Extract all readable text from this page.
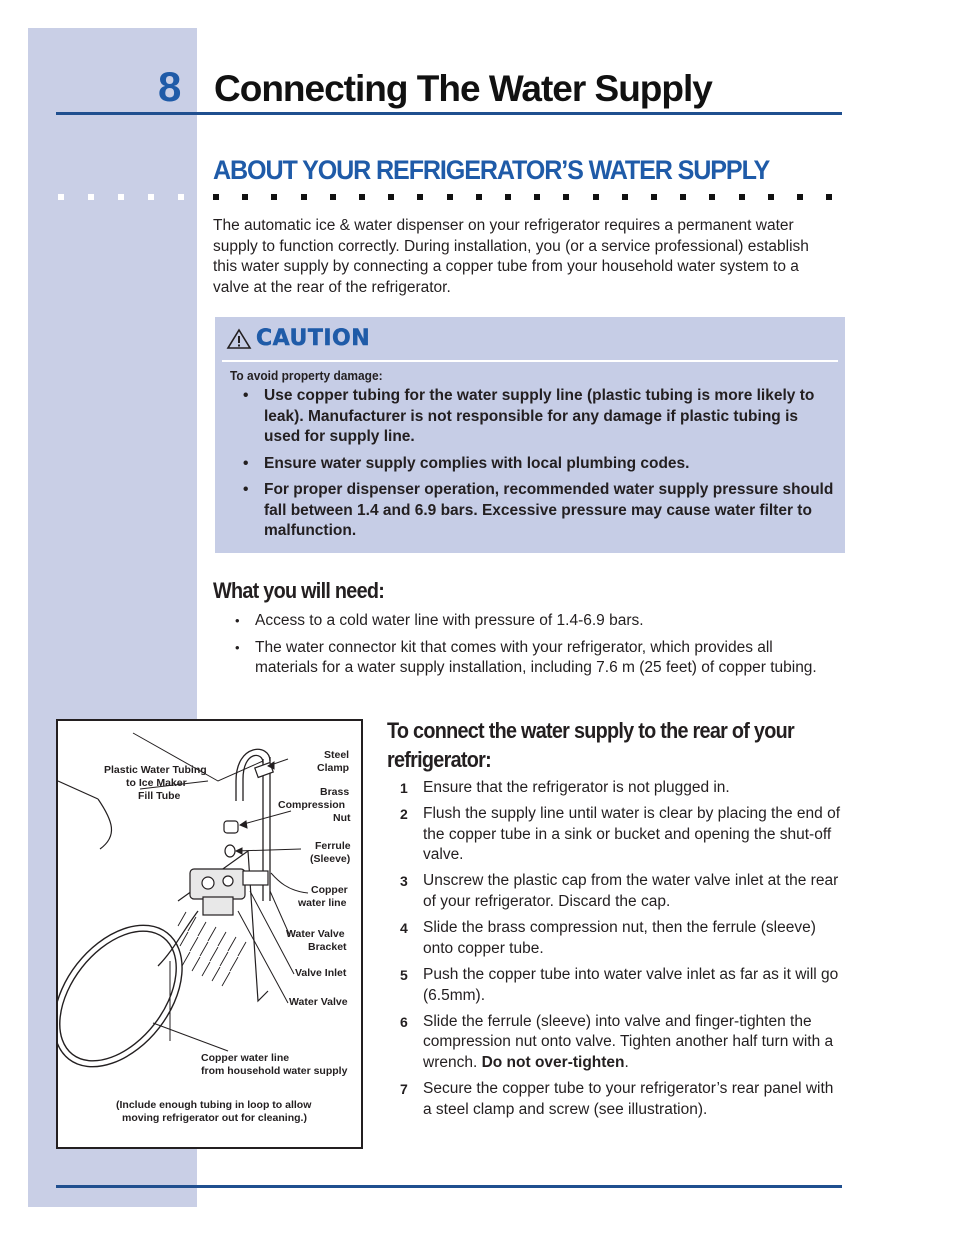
8 Connecting The Water Supply
ABOUT YOUR REFRIGERATOR’S WATER SUPPLY
The automatic ice & water dispenser on your refrigerator requires a permanent water supply to function correctly. During installation, you (or a service professional) establish this water supply by connecting a copper tube from your household water system to a valve at the rear of the refrigerator.
CAUTION
To avoid property damage:
• Use copper tubing for the water supply line (plastic tubing is more likely to leak). Manufacturer is not responsible for any damage if plastic tubing is used for supply line.
• Ensure water supply complies with local plumbing codes.
• For proper dispenser operation, recommended water supply pressure should fall between 1.4 and 6.9 bars. Excessive pressure may cause water filter to malfunction.
What you will need:
• Access to a cold water line with pressure of 1.4-6.9 bars.
• The water connector kit that comes with your refrigerator, which provides all materials for a water supply installation, including 7.6 m (25 feet) of copper tubing.
Plastic Water Tubing
to Ice Maker
Fill Tube
Steel
Clamp
Brass
Compression
Nut
Ferrule
(Sleeve)
Copper
water line
Water Valve
Bracket
Valve Inlet
Water Valve
Copper water line
from household water supply
(Include enough tubing in loop to allow
moving refrigerator out for cleaning.)
To connect the water supply to the rear of your refrigerator:
1 Ensure that the refrigerator is not plugged in.
2 Flush the supply line until water is clear by placing the end of the copper tube in a sink or bucket and opening the shut-off valve.
3 Unscrew the plastic cap from the water valve inlet at the rear of your refrigerator. Discard the cap.
4 Slide the brass compression nut, then the ferrule (sleeve) onto copper tube.
5 Push the copper tube into water valve inlet as far as it will go (6.5mm).
6 Slide the ferrule (sleeve) into valve and finger-tighten the compression nut onto valve. Tighten another half turn with a wrench. Do not over-tighten.
7 Secure the copper tube to your refrigerator’s rear panel with a steel clamp and screw (see illustration).
